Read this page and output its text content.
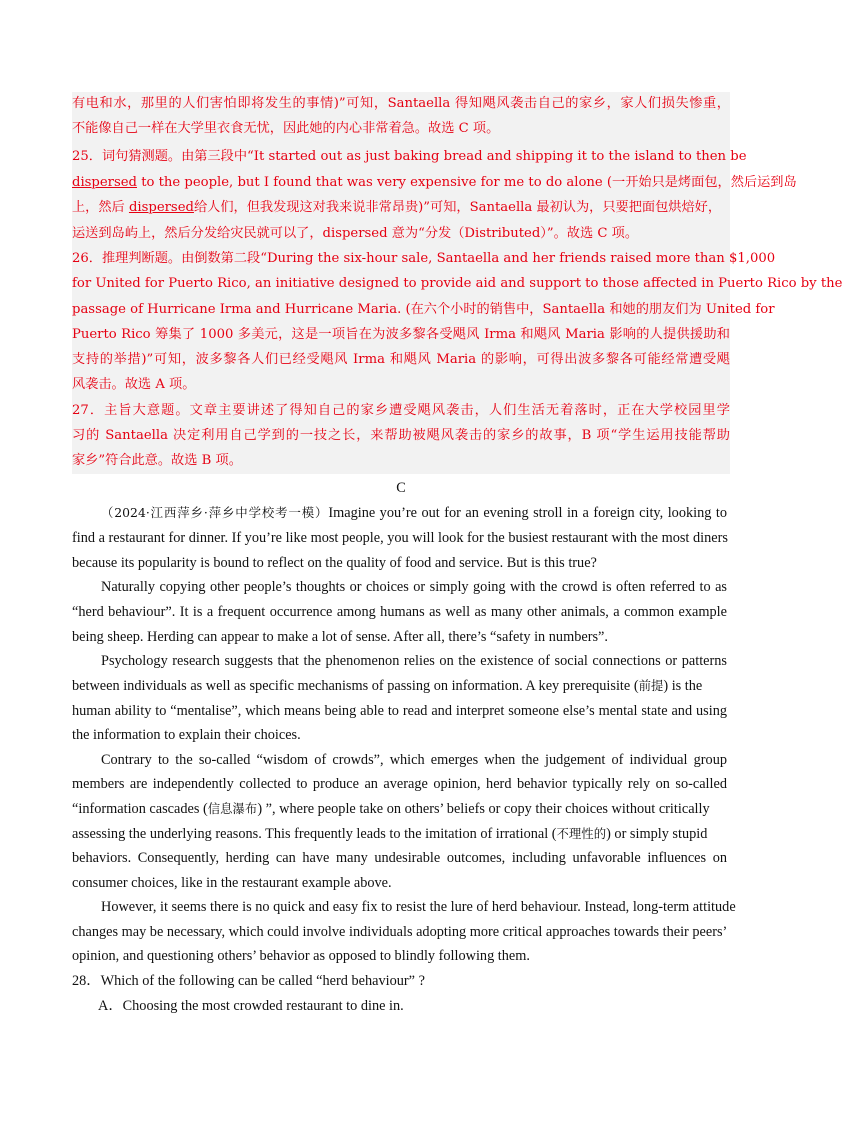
有电和水，那里的人们害怕即将发生的事情)”可知，Santaella 得知飓风袭击自己的家乡，家人们损失惨重，
不能像自己一样在大学里衣食无忧，因此她的内心非常着急。故选 C 项。
25．词句猜测题。由第三段中“It started out as just baking bread and shipping it to the island to then be
dispersed to the people, but I found that was very expensive for me to do alone (一开始只是烤面包，然后运到岛
上，然后 dispersed给人们，但我发现这对我来说非常昂贵)”可知，Santaella 最初认为，只要把面包烘焙好，
运送到岛屿上，然后分发给灾民就可以了，dispersed 意为“分发（Distributed）”。故选 C 项。
26．推理判断题。由倒数第二段“During the six-hour sale, Santaella and her friends raised more than $1,000
for United for Puerto Rico, an initiative designed to provide aid and support to those affected in Puerto Rico by the
passage of Hurricane Irma and Hurricane Maria. (在六个小时的销售中，Santaella 和她的朋友们为 United for
Puerto Rico 筹集了 1000 多美元，这是一项旨在为波多黎各受飓风 Irma 和飓风 Maria 影响的人提供援助和
支持的举措)”可知，波多黎各人们已经受飓风 Irma 和飓风 Maria 的影响，可得出波多黎各可能经常遭受飓
风袭击。故选 A 项。
27．主旨大意题。文章主要讲述了得知自己的家乡遭受飓风袭击，人们生活无着落时，正在大学校园里学
习的 Santaella 决定利用自己学到的一技之长，来帮助被飓风袭击的家乡的故事，B 项“学生运用技能帮助
家乡”符合此意。故选 B 项。
C
（2024·江西萍乡·萍乡中学校考一模）Imagine you’re out for an evening stroll in a foreign city, looking to
find a restaurant for dinner. If you’re like most people, you will look for the busiest restaurant with the most diners
because its popularity is bound to reflect on the quality of food and service. But is this true?
Naturally copying other people’s thoughts or choices or simply going with the crowd is often referred to as
“herd behaviour”. It is a frequent occurrence among humans as well as many other animals, a common example
being sheep. Herding can appear to make a lot of sense. After all, there’s “safety in numbers”.
Psychology research suggests that the phenomenon relies on the existence of social connections or patterns
between individuals as well as specific mechanisms of passing on information. A key prerequisite (前提) is the
human ability to “mentalise”, which means being able to read and interpret someone else’s mental state and using
the information to explain their choices.
Contrary to the so-called “wisdom of crowds”, which emerges when the judgement of individual group
members are independently collected to produce an average opinion, herd behavior typically rely on so-called
“information cascades (信息瀑布) ”, where people take on others’ beliefs or copy their choices without critically
assessing the underlying reasons. This frequently leads to the imitation of irrational (不理性的) or simply stupid
behaviors. Consequently, herding can have many undesirable outcomes, including unfavorable influences on
consumer choices, like in the restaurant example above.
However, it seems there is no quick and easy fix to resist the lure of herd behaviour. Instead, long-term attitude
changes may be necessary, which could involve individuals adopting more critical approaches towards their peers’
opinion, and questioning others’ behavior as opposed to blindly following them.
28．Which of the following can be called “herd behaviour” ?
A．Choosing the most crowded restaurant to dine in.
